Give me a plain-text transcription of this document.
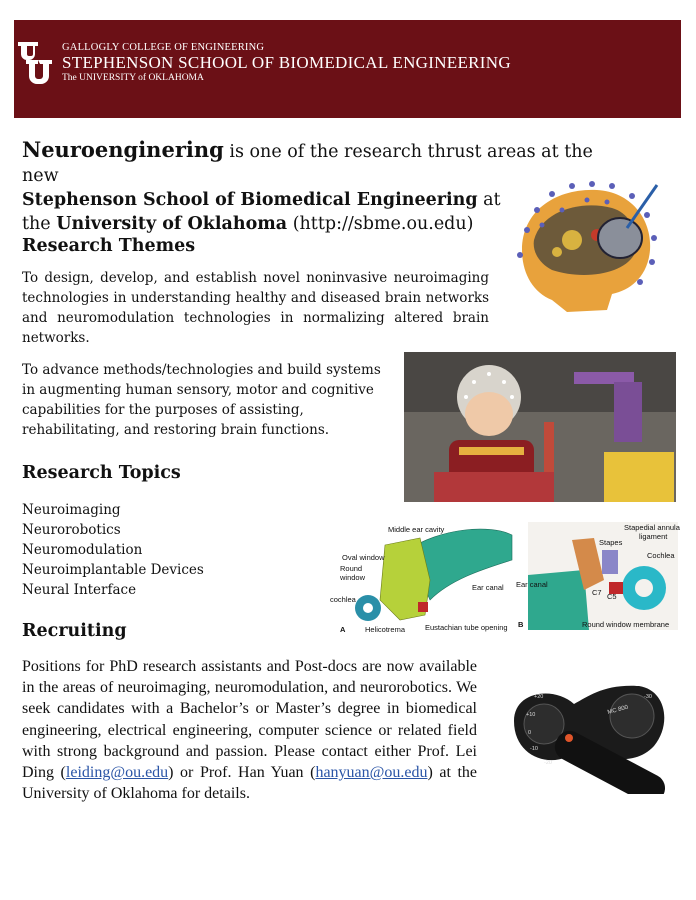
GALLOGLY COLLEGE OF ENGINEERING
STEPHENSON SCHOOL OF BIOMEDICAL ENGINEERING
The UNIVERSITY of OKLAHOMA
Neuroenginering is one of the research thrust areas at the new
Stephenson School of Biomedical Engineering at
the University of Oklahoma (http://sbme.ou.edu)
Research Themes
To design, develop, and establish novel noninvasive neuroimaging technologies in understanding healthy and diseased brain networks and neuromodulation technologies in normalizing altered brain networks.
To advance methods/technologies and build systems in augmenting human sensory, motor and cognitive capabilities for the purposes of assisting, rehabilitating, and restoring brain functions.
Research Topics
Neuroimaging
Neurorobotics
Neuromodulation
Neuroimplantable Devices
Neural Interface
Middle ear cavity
Oval window
Round
window
cochlea
Ear canal
Helicotrema	Eustachian tube opening
A
Stapedial annula
ligament
Stapes
Cochlea
Ear canal
C7 C5
Round window membrane
B
Recruiting
Positions for PhD research assistants and Post-docs are now available in the areas of neuroimaging, neuromodulation, and neurorobotics. We seek candidates with a Bachelor’s or Master’s degree in biomedical engineering, electrical engineering, computer science or related field with strong background and passion. Please contact either Prof. Lei Ding (leiding@ou.edu) or Prof. Han Yuan (hanyuan@ou.edu) at the University of Oklahoma for details.
MC 800
+20
+10
0
-10
-20
-30
